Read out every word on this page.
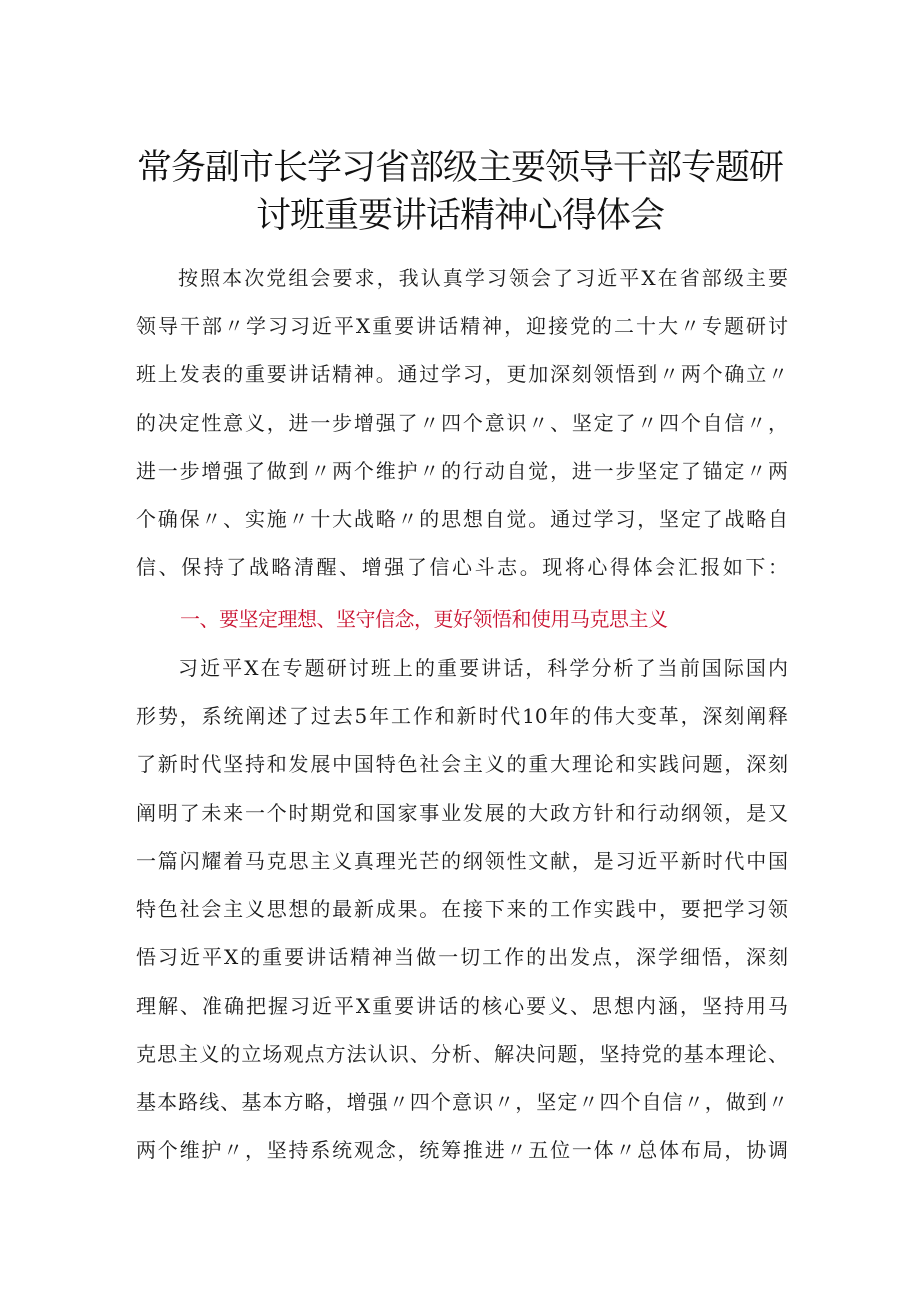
常务副市长学习省部级主要领导干部专题研
讨班重要讲话精神心得体会
按照本次党组会要求，我认真学习领会了习近平X在省部级主要
领导干部〃学习习近平X重要讲话精神，迎接党的二十大〃专题研讨
班上发表的重要讲话精神。通过学习，更加深刻领悟到〃两个确立〃
的决定性意义，进一步增强了〃四个意识〃、坚定了〃四个自信〃，
进一步增强了做到〃两个维护〃的行动自觉，进一步坚定了锚定〃两
个确保〃、实施〃十大战略〃的思想自觉。通过学习，坚定了战略自
信、保持了战略清醒、增强了信心斗志。现将心得体会汇报如下：
一、要坚定理想、坚守信念，更好领悟和使用马克思主义
习近平X在专题研讨班上的重要讲话，科学分析了当前国际国内
形势，系统阐述了过去5年工作和新时代10年的伟大变革，深刻阐释
了新时代坚持和发展中国特色社会主义的重大理论和实践问题，深刻
阐明了未来一个时期党和国家事业发展的大政方针和行动纲领，是又
一篇闪耀着马克思主义真理光芒的纲领性文献，是习近平新时代中国
特色社会主义思想的最新成果。在接下来的工作实践中，要把学习领
悟习近平X的重要讲话精神当做一切工作的出发点，深学细悟，深刻
理解、准确把握习近平X重要讲话的核心要义、思想内涵，坚持用马
克思主义的立场观点方法认识、分析、解决问题，坚持党的基本理论、
基本路线、基本方略，增强〃四个意识〃，坚定〃四个自信〃，做到〃
两个维护〃，坚持系统观念，统筹推进〃五位一体〃总体布局，协调
